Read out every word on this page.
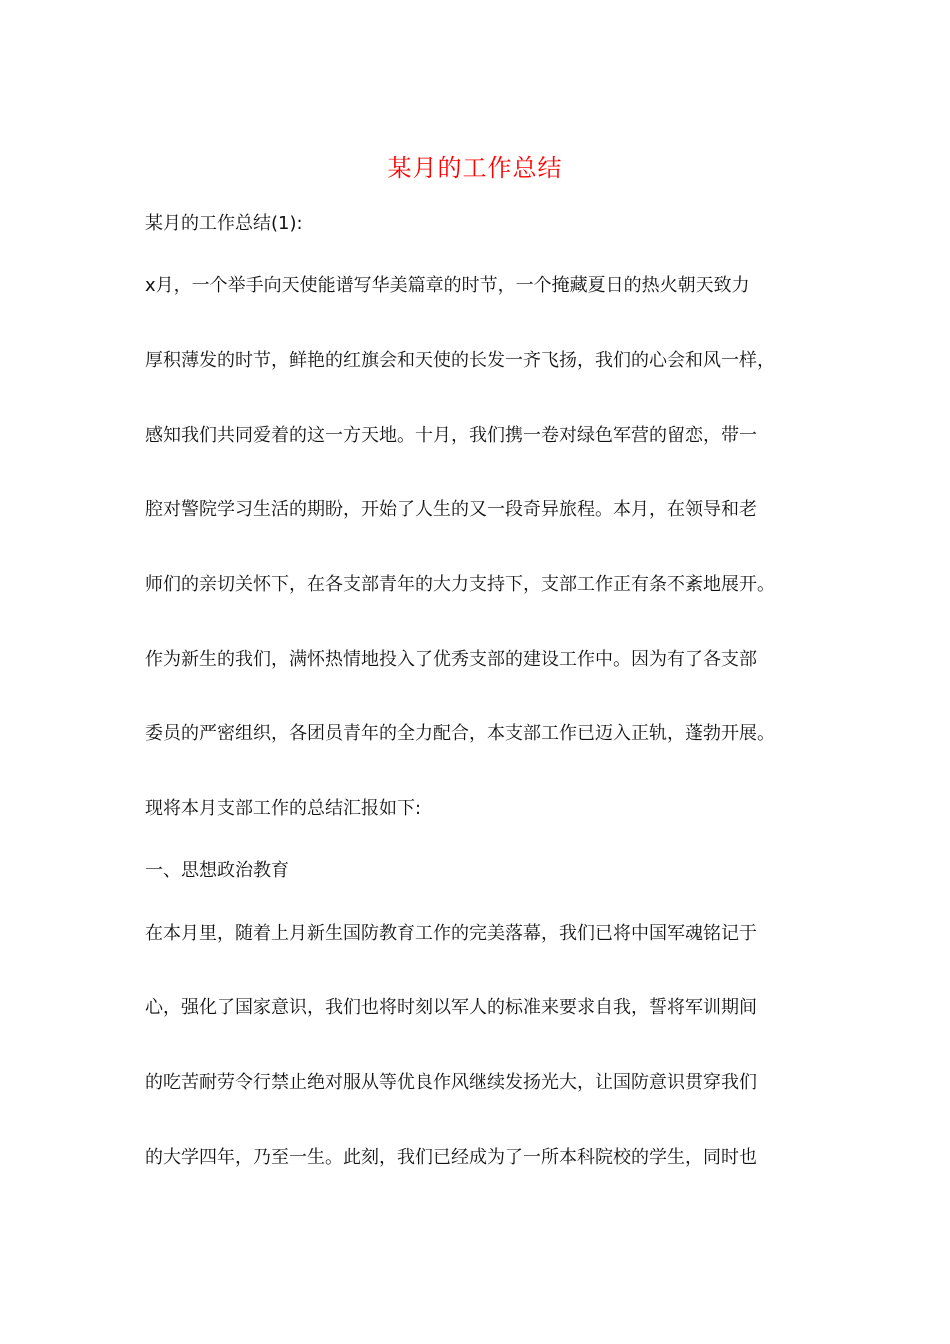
某月的工作总结
某月的工作总结(1):
x月，一个举手向天使能谱写华美篇章的时节，一个掩藏夏日的热火朝天致力
厚积薄发的时节，鲜艳的红旗会和天使的长发一齐飞扬，我们的心会和风一样，
感知我们共同爱着的这一方天地。十月，我们携一卷对绿色军营的留恋，带一
腔对警院学习生活的期盼，开始了人生的又一段奇异旅程。本月，在领导和老
师们的亲切关怀下，在各支部青年的大力支持下，支部工作正有条不紊地展开。
作为新生的我们，满怀热情地投入了优秀支部的建设工作中。因为有了各支部
委员的严密组织，各团员青年的全力配合，本支部工作已迈入正轨，蓬勃开展。
现将本月支部工作的总结汇报如下:
一、思想政治教育
在本月里，随着上月新生国防教育工作的完美落幕，我们已将中国军魂铭记于
心，强化了国家意识，我们也将时刻以军人的标准来要求自我，誓将军训期间
的吃苦耐劳令行禁止绝对服从等优良作风继续发扬光大，让国防意识贯穿我们
的大学四年，乃至一生。此刻，我们已经成为了一所本科院校的学生，同时也
